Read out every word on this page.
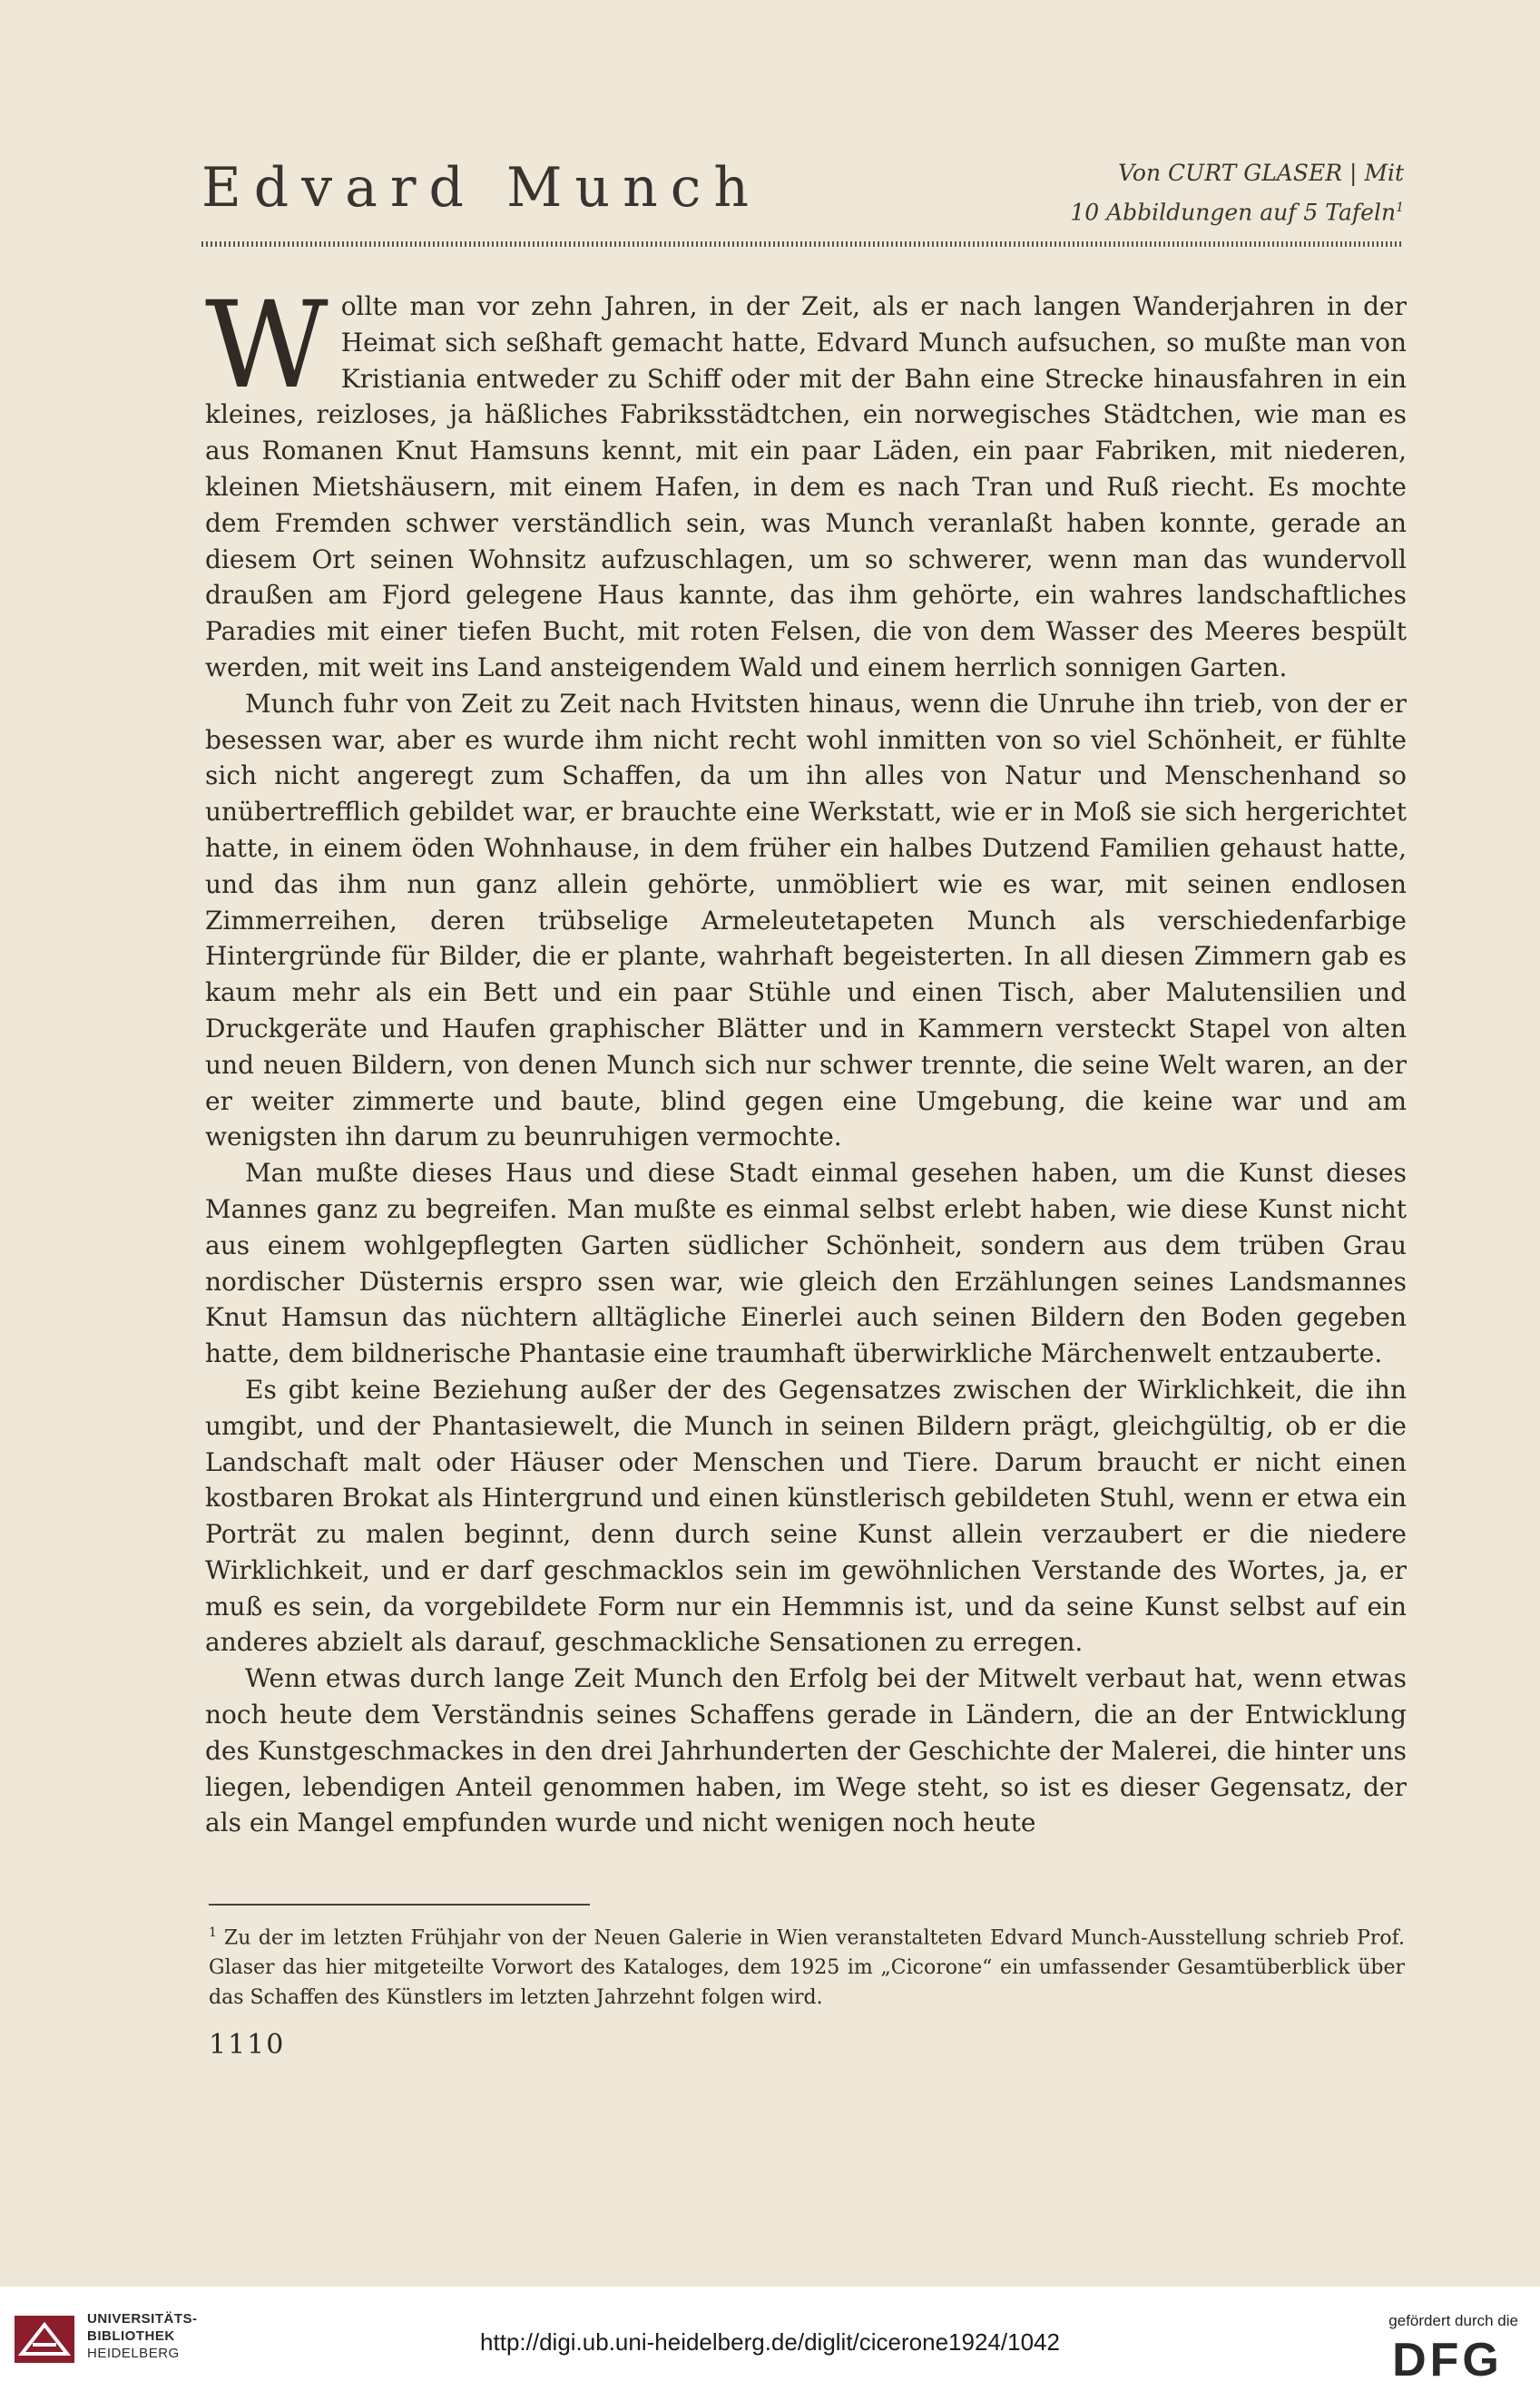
Edvard Munch	Von CURT GLASER | Mit
10 Abbildungen auf 5 Tafeln$^1$

Wollte man vor zehn Jahren, in der Zeit, als er nach langen Wanderjahren in der Heimat sich seßhaft gemacht hatte, Edvard Munch aufsuchen, so mußte man von Kristiania entweder zu Schiff oder mit der Bahn eine Strecke hinausfahren in ein kleines, reizloses, ja häßliches Fabriksstädtchen, ein norwegisches Städtchen, wie man es aus Romanen Knut Hamsuns kennt, mit ein paar Läden, ein paar Fabriken, mit niederen, kleinen Mietshäusern, mit einem Hafen, in dem es nach Tran und Ruß riecht. Es mochte dem Fremden schwer verständlich sein, was Munch veranlaßt haben konnte, gerade an diesem Ort seinen Wohnsitz aufzuschlagen, um so schwerer, wenn man das wundervoll draußen am Fjord gelegene Haus kannte, das ihm gehörte, ein wahres landschaftliches Paradies mit einer tiefen Bucht, mit roten Felsen, die von dem Wasser des Meeres bespült werden, mit weit ins Land ansteigendem Wald und einem herrlich sonnigen Garten.

Munch fuhr von Zeit zu Zeit nach Hvitsten hinaus, wenn die Unruhe ihn trieb, von der er besessen war, aber es wurde ihm nicht recht wohl inmitten von so viel Schönheit, er fühlte sich nicht angeregt zum Schaffen, da um ihn alles von Natur und Menschenhand so unübertrefflich gebildet war, er brauchte eine Werkstatt, wie er in Moß sie sich hergerichtet hatte, in einem öden Wohnhause, in dem früher ein halbes Dutzend Familien gehaust hatte, und das ihm nun ganz allein gehörte, unmöbliert wie es war, mit seinen endlosen Zimmerreihen, deren trübselige Armeleutetapeten Munch als verschiedenfarbige Hintergründe für Bilder, die er plante, wahrhaft begeisterten. In all diesen Zimmern gab es kaum mehr als ein Bett und ein paar Stühle und einen Tisch, aber Malutensilien und Druckgeräte und Haufen graphischer Blätter und in Kammern versteckt Stapel von alten und neuen Bildern, von denen Munch sich nur schwer trennte, die seine Welt waren, an der er weiter zimmerte und baute, blind gegen eine Umgebung, die keine war und am wenigsten ihn darum zu beunruhigen vermochte.

Man mußte dieses Haus und diese Stadt einmal gesehen haben, um die Kunst dieses Mannes ganz zu begreifen. Man mußte es einmal selbst erlebt haben, wie diese Kunst nicht aus einem wohlgepflegten Garten südlicher Schönheit, sondern aus dem trüben Grau nordischer Düsternis erspro ssen war, wie gleich den Erzählungen seines Landsmannes Knut Hamsun das nüchtern alltägliche Einerlei auch seinen Bildern den Boden gegeben hatte, dem bildnerische Phantasie eine traumhaft überwirkliche Märchenwelt entzauberte.

Es gibt keine Beziehung außer der des Gegensatzes zwischen der Wirklichkeit, die ihn umgibt, und der Phantasiewelt, die Munch in seinen Bildern prägt, gleichgültig, ob er die Landschaft malt oder Häuser oder Menschen und Tiere. Darum braucht er nicht einen kostbaren Brokat als Hintergrund und einen künstlerisch gebildeten Stuhl, wenn er etwa ein Porträt zu malen beginnt, denn durch seine Kunst allein verzaubert er die niedere Wirklichkeit, und er darf geschmacklos sein im gewöhnlichen Verstande des Wortes, ja, er muß es sein, da vorgebildete Form nur ein Hemmnis ist, und da seine Kunst selbst auf ein anderes abzielt als darauf, geschmackliche Sensationen zu erregen.

Wenn etwas durch lange Zeit Munch den Erfolg bei der Mitwelt verbaut hat, wenn etwas noch heute dem Verständnis seines Schaffens gerade in Ländern, die an der Entwicklung des Kunstgeschmackes in den drei Jahrhunderten der Geschichte der Malerei, die hinter uns liegen, lebendigen Anteil genommen haben, im Wege steht, so ist es dieser Gegensatz, der als ein Mangel empfunden wurde und nicht wenigen noch heute

$^1$ Zu der im letzten Frühjahr von der Neuen Galerie in Wien veranstalteten Edvard Munch-Ausstellung schrieb Prof. Glaser das hier mitgeteilte Vorwort des Kataloges, dem 1925 im „Cicorone“ ein umfassender Gesamtüberblick über das Schaffen des Künstlers im letzten Jahrzehnt folgen wird.
1110
UNIVERSITÄTS-
BIBLIOTHEK
HEIDELBERG	http://digi.ub.uni-heidelberg.de/diglit/cicerone1924/1042
gefördert durch die
DFG
